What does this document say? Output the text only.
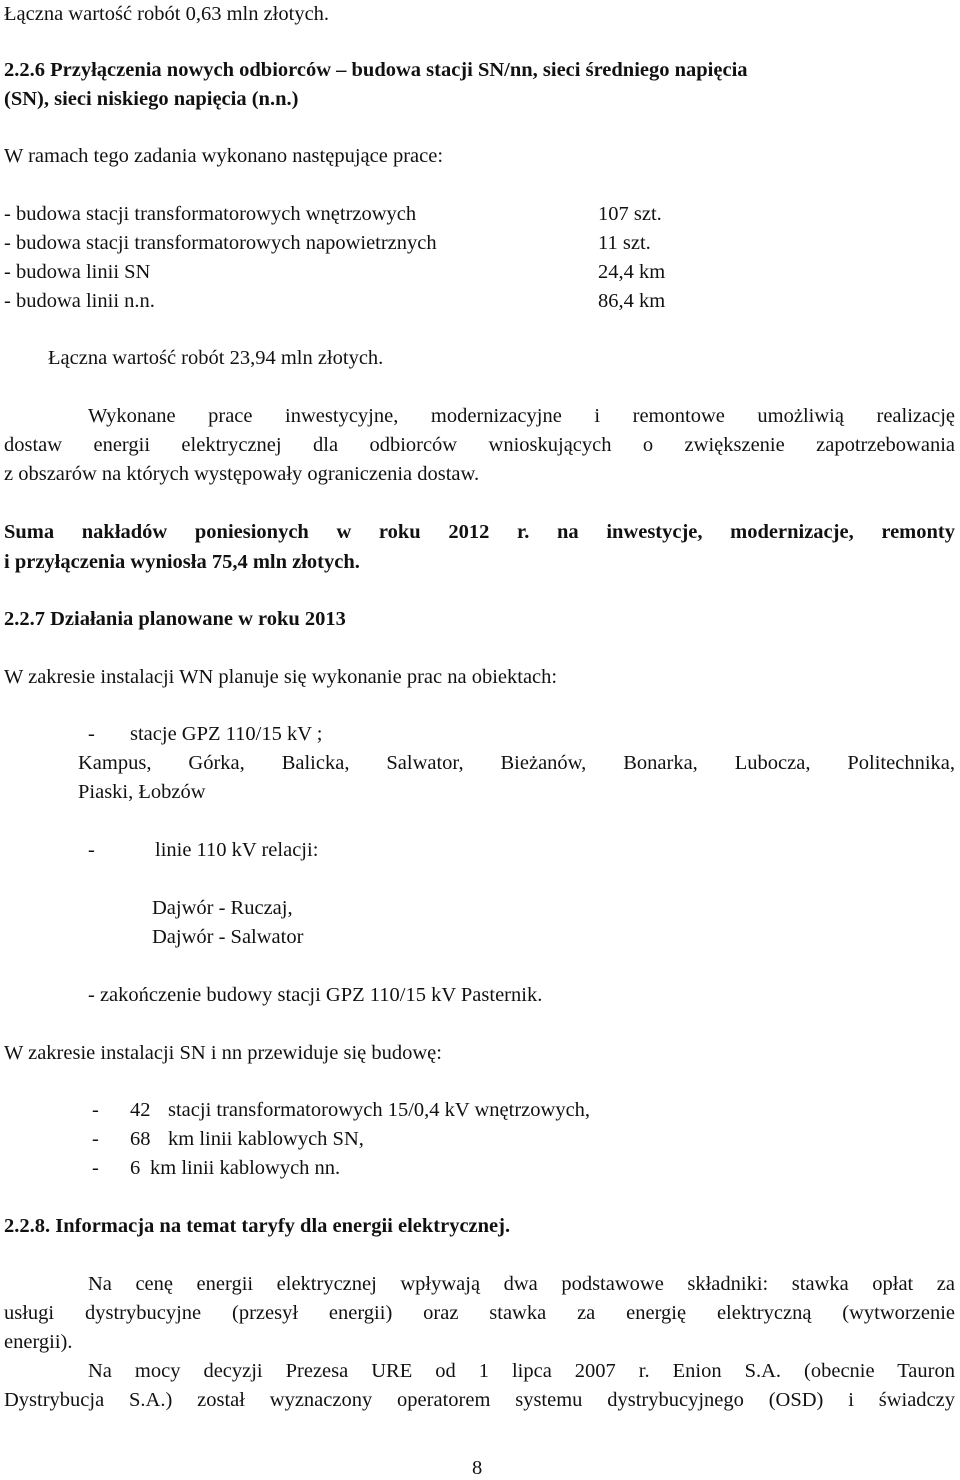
Łączna wartość robót 0,63 mln złotych.
2.2.6 Przyłączenia nowych odbiorców – budowa stacji SN/nn, sieci średniego napięcia
(SN), sieci niskiego napięcia (n.n.)
W ramach tego zadania wykonano następujące prace:
- budowa stacji transformatorowych wnętrzowych	107 szt.
- budowa stacji transformatorowych napowietrznych	11 szt.
- budowa linii SN	24,4 km
- budowa linii n.n.	86,4 km
Łączna wartość robót 23,94 mln złotych.
Wykonane prace inwestycyjne, modernizacyjne i remontowe umożliwią realizację
dostaw energii elektrycznej dla odbiorców wnioskujących o zwiększenie zapotrzebowania
z obszarów na których występowały ograniczenia dostaw.
Suma nakładów poniesionych w roku 2012 r. na inwestycje, modernizacje, remonty
i przyłączenia wyniosła 75,4 mln złotych.
2.2.7 Działania planowane w roku 2013
W zakresie instalacji WN planuje się wykonanie prac na obiektach:
- stacje GPZ 110/15 kV ;
Kampus, Górka, Balicka, Salwator, Bieżanów, Bonarka, Lubocza, Politechnika,
Piaski, Łobzów
-	linie 110 kV relacji:
Dajwór - Ruczaj,
Dajwór - Salwator
- zakończenie budowy stacji GPZ 110/15 kV Pasternik.
W zakresie instalacji SN i nn przewiduje się budowę:
- 42 stacji transformatorowych 15/0,4 kV wnętrzowych,
- 68 km linii kablowych SN,
- 6 km linii kablowych nn.
2.2.8. Informacja na temat taryfy dla energii elektrycznej.
Na cenę energii elektrycznej wpływają dwa podstawowe składniki: stawka opłat za
usługi dystrybucyjne (przesył energii) oraz stawka za energię elektryczną (wytworzenie
energii).
Na mocy decyzji Prezesa URE od 1 lipca 2007 r. Enion S.A. (obecnie Tauron
Dystrybucja S.A.) został wyznaczony operatorem systemu dystrybucyjnego (OSD) i świadczy
8
